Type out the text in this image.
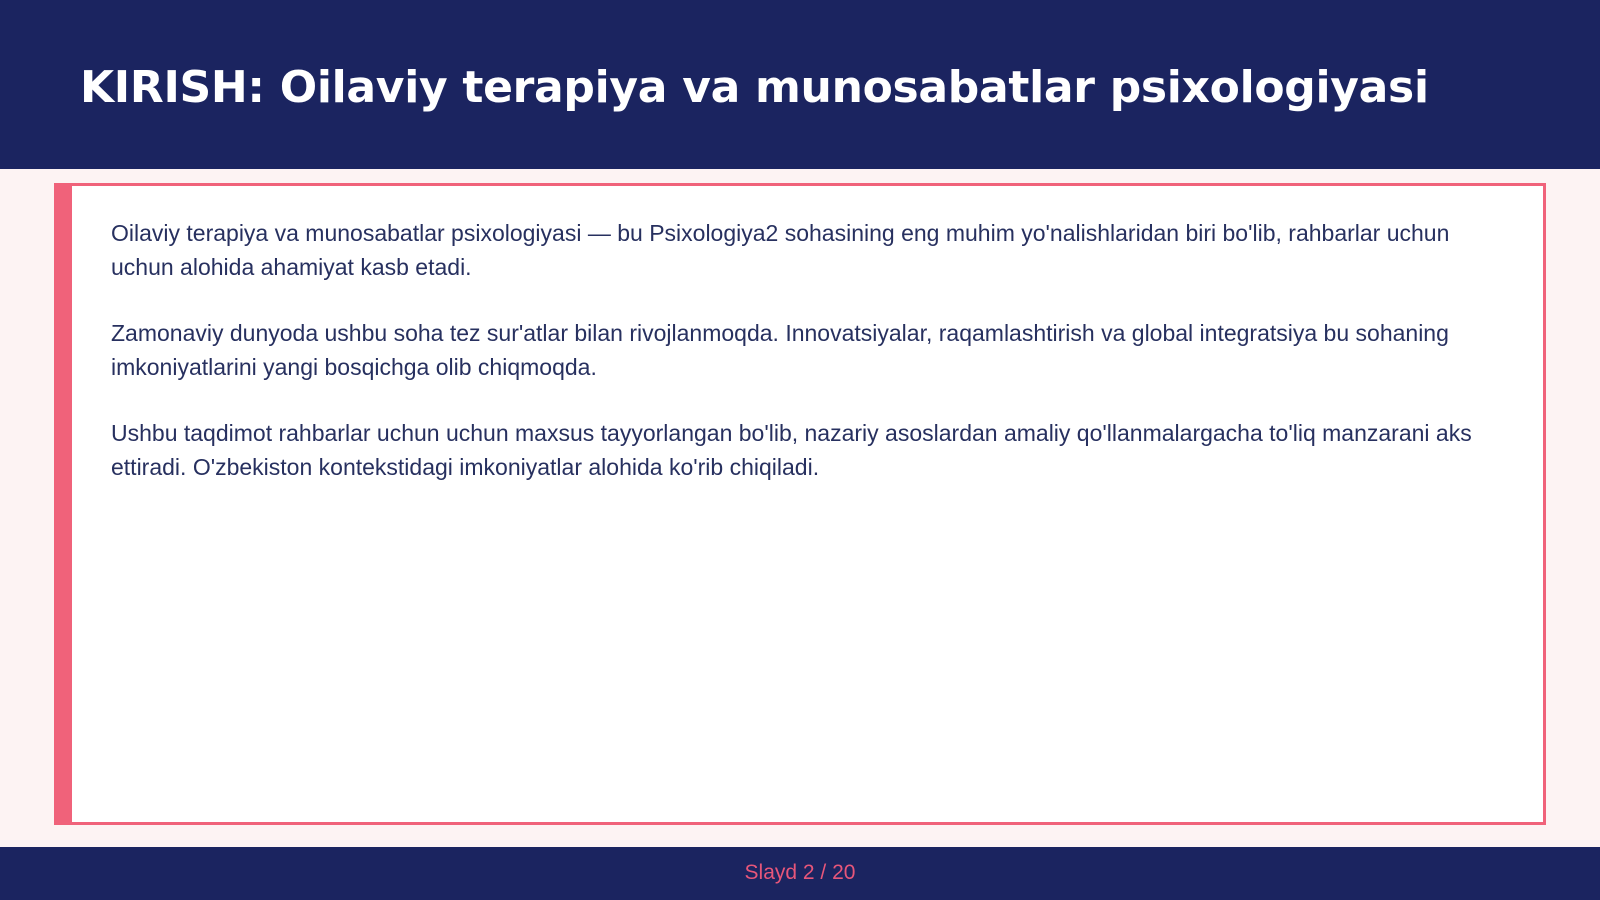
KIRISH: Oilaviy terapiya va munosabatlar psixologiyasi

Oilaviy terapiya va munosabatlar psixologiyasi — bu Psixologiya2 sohasining eng muhim yo'nalishlaridan biri bo'lib, rahbarlar uchun uchun alohida ahamiyat kasb etadi.

Zamonaviy dunyoda ushbu soha tez sur'atlar bilan rivojlanmoqda. Innovatsiyalar, raqamlashtirish va global integratsiya bu sohaning imkoniyatlarini yangi bosqichga olib chiqmoqda.

Ushbu taqdimot rahbarlar uchun uchun maxsus tayyorlangan bo'lib, nazariy asoslardan amaliy qo'llanmalargacha to'liq manzarani aks ettiradi. O'zbekiston kontekstidagi imkoniyatlar alohida ko'rib chiqiladi.

Slayd 2 / 20
